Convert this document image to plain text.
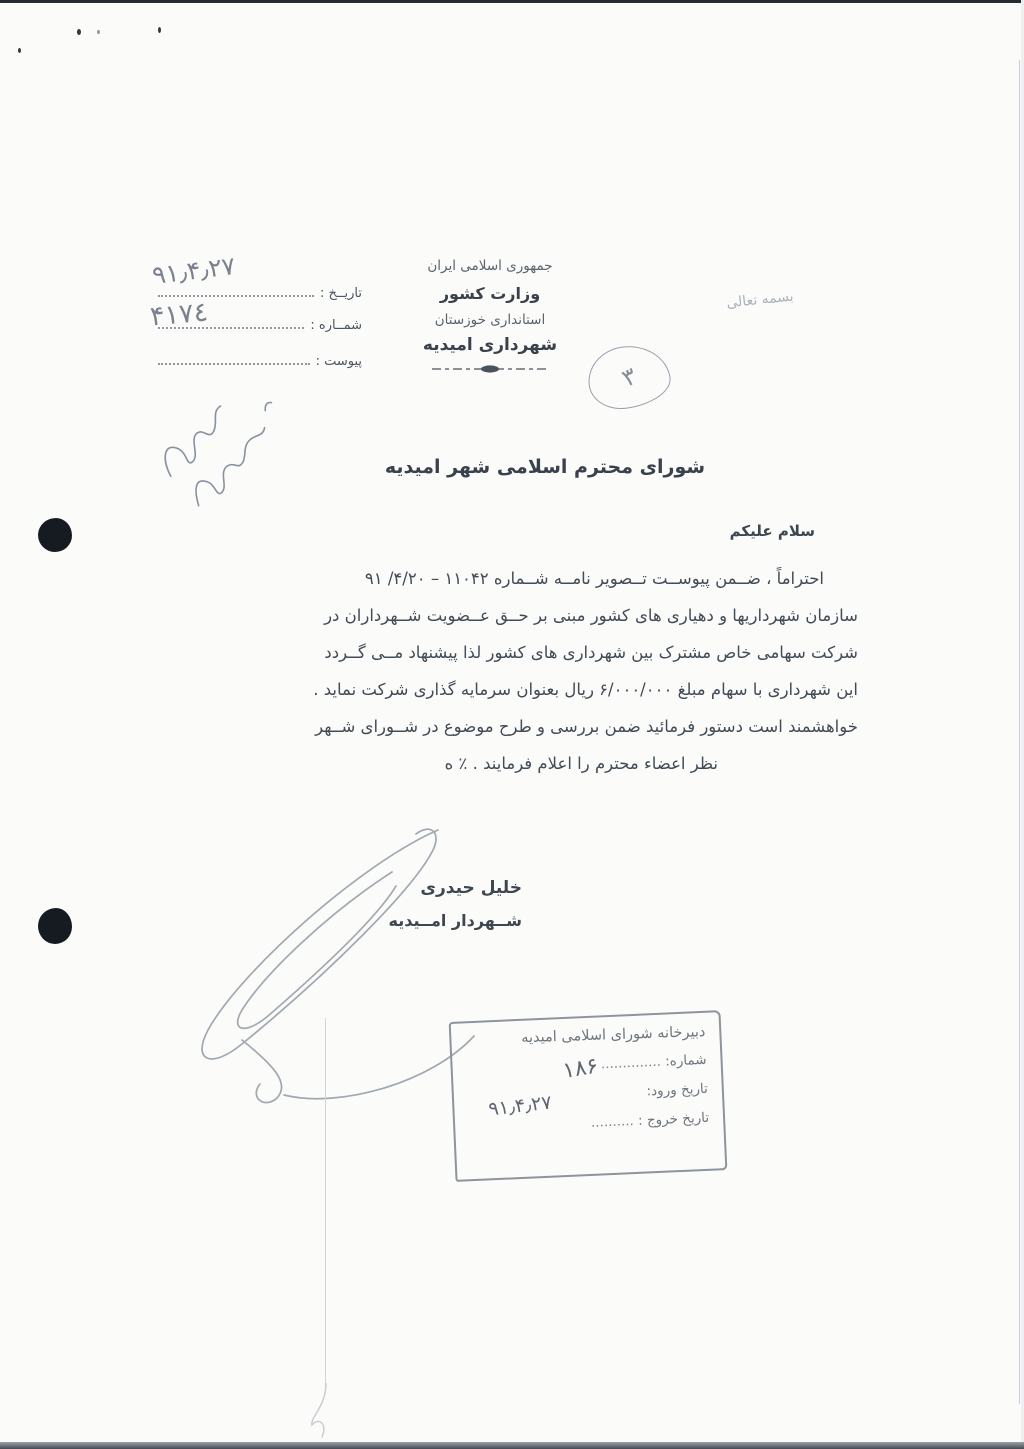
جمهوری اسلامی ایران
وزارت کشور
استانداری خوزستان
شهرداری امیدیه
بسمه تعالی
تاریــخ :
شمــاره :
پیوست :
۹۱٫۴٫۲۷
۴۱۷٤
۳
شورای محترم اسلامی شهر امیدیه
سلام علیکم
احتراماً ، ضــمن پیوســت تــصویر نامــه شــماره ۱۱۰۴۲ – ۴/۲۰/ ۹۱
سازمان شهرداریها و دهیاری های کشور مبنی بر حــق عــضویت شــهرداران در
شرکت سهامی خاص مشترک بین شهرداری های کشور لذا پیشنهاد مــی گــردد
این شهرداری با سهام مبلغ ۶/۰۰۰/۰۰۰ ریال بعنوان سرمایه گذاری شرکت نماید .
خواهشمند است دستور فرمائید ضمن بررسی و طرح موضوع در شــورای شــهر
نظر اعضاء محترم را اعلام فرمایند . ٪ ه
خلیل حیدری
شــهردار امــیدیه
دبیرخانه شورای اسلامی امیدیه
شماره: ..............
تاریخ ورود:
تاریخ خروج : ..........
۱۸۶
۹۱٫۴٫۲۷
